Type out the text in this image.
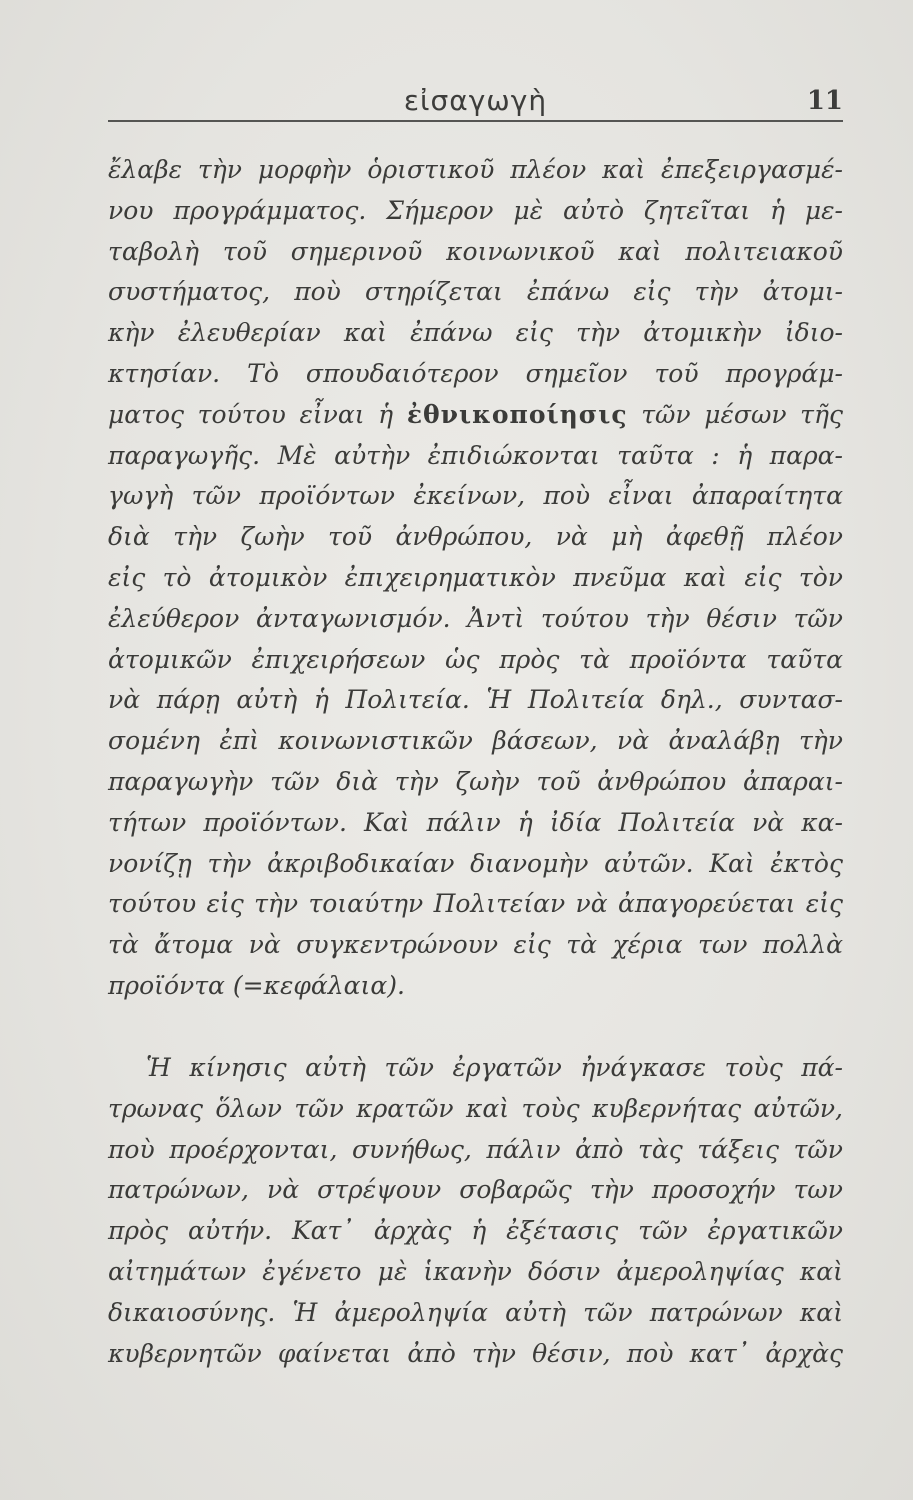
εἰσαγωγὴ	11
ἔλαβε τὴν μορφὴν ὁριστικοῦ πλέον καὶ ἐπεξειργασμέ-
νου προγράμματος. Σήμερον μὲ αὐτὸ ζητεῖται ἡ με-
ταβολὴ τοῦ σημερινοῦ κοινωνικοῦ καὶ πολιτειακοῦ
συστήματος, ποὺ στηρίζεται ἐπάνω εἰς τὴν ἀτομι-
κὴν ἐλευθερίαν καὶ ἐπάνω εἰς τὴν ἀτομικὴν ἰδιο-
κτησίαν. Τὸ σπουδαιότερον σημεῖον τοῦ προγράμ-
ματος τούτου εἶναι ἡ ἐθνικοποίησις τῶν μέσων τῆς
παραγωγῆς. Μὲ αὐτὴν ἐπιδιώκονται ταῦτα : ἡ παρα-
γωγὴ τῶν προϊόντων ἐκείνων, ποὺ εἶναι ἀπαραίτητα
διὰ τὴν ζωὴν τοῦ ἀνθρώπου, νὰ μὴ ἀφεθῇ πλέον
εἰς τὸ ἀτομικὸν ἐπιχειρηματικὸν πνεῦμα καὶ εἰς τὸν
ἐλεύθερον ἀνταγωνισμόν. Ἀντὶ τούτου τὴν θέσιν τῶν
ἀτομικῶν ἐπιχειρήσεων ὡς πρὸς τὰ προϊόντα ταῦτα
νὰ πάρῃ αὐτὴ ἡ Πολιτεία. Ἡ Πολιτεία δηλ., συντασ-
σομένη ἐπὶ κοινωνιστικῶν βάσεων, νὰ ἀναλάβῃ τὴν
παραγωγὴν τῶν διὰ τὴν ζωὴν τοῦ ἀνθρώπου ἀπαραι-
τήτων προϊόντων. Καὶ πάλιν ἡ ἰδία Πολιτεία νὰ κα-
νονίζῃ τὴν ἀκριβοδικαίαν διανομὴν αὐτῶν. Καὶ ἐκτὸς
τούτου εἰς τὴν τοιαύτην Πολιτείαν νὰ ἀπαγορεύεται εἰς
τὰ ἄτομα νὰ συγκεντρώνουν εἰς τὰ χέρια των πολλὰ
προϊόντα (=κεφάλαια).
Ἡ κίνησις αὐτὴ τῶν ἐργατῶν ἠνάγκασε τοὺς πά-
τρωνας ὅλων τῶν κρατῶν καὶ τοὺς κυβερνήτας αὐτῶν,
ποὺ προέρχονται, συνήθως, πάλιν ἀπὸ τὰς τάξεις τῶν
πατρώνων, νὰ στρέψουν σοβαρῶς τὴν προσοχήν των
πρὸς αὐτήν. Κατ᾽ ἀρχὰς ἡ ἐξέτασις τῶν ἐργατικῶν
αἰτημάτων ἐγένετο μὲ ἱκανὴν δόσιν ἀμεροληψίας καὶ
δικαιοσύνης. Ἡ ἀμεροληψία αὐτὴ τῶν πατρώνων καὶ
κυβερνητῶν φαίνεται ἀπὸ τὴν θέσιν, ποὺ κατ᾽ ἀρχὰς
